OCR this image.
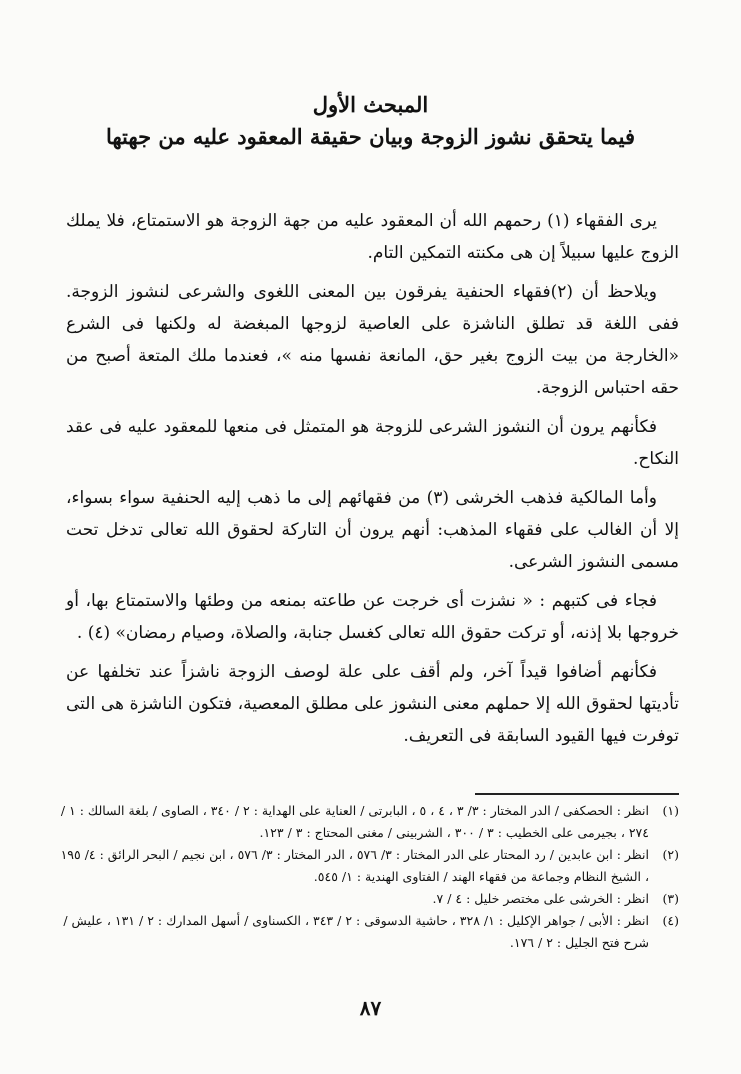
المبحث الأول
فيما يتحقق نشوز الزوجة وبيان حقيقة المعقود عليه من جهتها

يرى الفقهاء (١) رحمهم الله أن المعقود عليه من جهة الزوجة هو الاستمتاع، فلا يملك الزوج عليها سبيلاً إن هى مكنته التمكين التام.

ويلاحظ أن (٢)فقهاء الحنفية يفرقون بين المعنى اللغوى والشرعى لنشوز الزوجة. ففى اللغة قد تطلق الناشزة على العاصية لزوجها المبغضة له ولكنها فى الشرع «الخارجة من بيت الزوج بغير حق، المانعة نفسها منه »، فعندما ملك المتعة أصبح من حقه احتباس الزوجة.

فكأنهم يرون أن النشوز الشرعى للزوجة هو المتمثل فى منعها للمعقود عليه فى عقد النكاح.

وأما المالكية فذهب الخرشى (٣) من فقهائهم إلى ما ذهب إليه الحنفية سواء بسواء، إلا أن الغالب على فقهاء المذهب: أنهم يرون أن التاركة لحقوق الله تعالى تدخل تحت مسمى النشوز الشرعى.

فجاء فى كتبهم : « نشزت أى خرجت عن طاعته بمنعه من وطئها والاستمتاع بها، أو خروجها بلا إذنه، أو تركت حقوق الله تعالى كغسل جنابة، والصلاة، وصيام رمضان» (٤) .

فكأنهم أضافوا قيداً آخر، ولم أقف على علة لوصف الزوجة ناشزاً عند تخلفها عن تأديتها لحقوق الله إلا حملهم معنى النشوز على مطلق المعصية، فتكون الناشزة هى التى توفرت فيها القيود السابقة فى التعريف.

(١)
انظر : الحصكفى / الدر المختار : ٣/ ٣ ، ٤ ، ٥ ، البابرتى / العناية على الهداية : ٢ / ٣٤٠ ، الصاوى / بلغة السالك : ١ / ٢٧٤ ، بجيرمى على الخطيب : ٣ / ٣٠٠ ، الشربينى / مغنى المحتاج : ٣ / ١٢٣.

(٢)
انظر : ابن عابدين / رد المحتار على الدر المختار : ٣/ ٥٧٦ ، الدر المختار : ٣/ ٥٧٦ ، ابن نجيم / البحر الرائق : ٤/ ١٩٥ ، الشيخ النظام وجماعة من فقهاء الهند / الفتاوى الهندية : ١/ ٥٤٥.

(٣)
انظر : الخرشى على مختصر خليل : ٤ / ٧.

(٤)
انظر : الأبى / جواهر الإكليل : ١/ ٣٢٨ ، حاشية الدسوقى : ٢ / ٣٤٣ ، الكسناوى / أسهل المدارك : ٢ / ١٣١ ، عليش / شرح فتح الجليل : ٢ / ١٧٦.

٨٧
